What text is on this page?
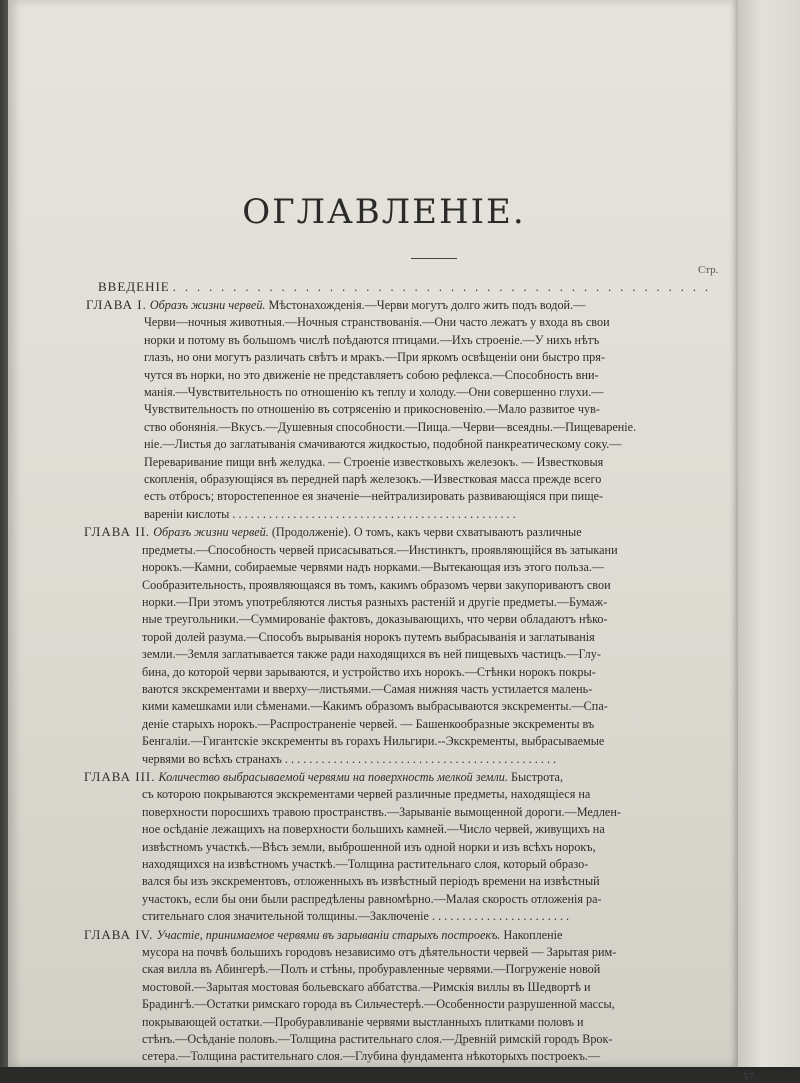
ОГЛАВЛЕНІЕ.
Стр.
ВВЕДЕНІЕ . . . . . . . . . . . . . . . . . . . . . . . . . . . . . . . . . . . . . . . . . . . . .
ГЛАВА I. Образъ жизни червей. Мѣстонахожденія.—Черви могутъ долго жить подъ водой.—
Черви—ночныя животныя.—Ночныя странствованія.—Они часто лежатъ у входа въ свои
норки и потому въ большомъ числѣ поѣдаются птицами.—Ихъ строеніе.—У нихъ нѣтъ
глазъ, но они могутъ различать свѣтъ и мракъ.—При яркомъ освѣщеніи они быстро пря-
чутся въ норки, но это движеніе не представляетъ собою рефлекса.—Способность вни-
манія.—Чувствительность по отношенію къ теплу и холоду.—Они совершенно глухи.—
Чувствительность по отношенію въ сотрясенію и прикосновенію.—Мало развитое чув-
ство обонянія.—Вкусъ.—Душевныя способности.—Пища.—Черви—всеядны.—Пищевареніе.
нie.—Листья до заглатыванія смачиваются жидкостью, подобной панкреатическому соку.—
Переваривание пищи внѣ желудка. — Строеніе известковыхъ железокъ. — Известковыя
скопленія, образующіяся въ передней парѣ железокъ.—Известковая масса прежде всего
есть отбросъ; второстепенное ея значеніе—нейтрализировать развивающіяся при пище-
вареніи кислоты . . . . . . . . . . . . . . . . . . . . . . . . . . . . . . . . . . . . . . . . . . . . . . .
ГЛАВА II. Образъ жизни червей. (Продолженіе). О томъ, какъ черви схватываютъ различные
предметы.—Способность червей присасываться.—Инстинктъ, проявляющійся въ затыкани
норокъ.—Камни, собираемые червями надъ норками.—Вытекающая изъ этого польза.—
Сообразительность, проявляющаяся въ томъ, какимъ образомъ черви закупориваютъ свои
норки.—При этомъ употребляются листья разныхъ растеній и другіе предметы.—Бумаж-
ные треугольники.—Суммированіе фактовъ, доказывающихъ, что черви обладаютъ нѣко-
торой долей разума.—Способъ вырыванія норокъ путемъ выбрасыванія и заглатыванія
земли.—Земля заглатывается также ради находящихся въ ней пищевыхъ частицъ.—Глу-
бина, до которой черви зарываются, и устройство ихъ норокъ.—Стѣнки норокъ покры-
ваются экскрементами и вверху—листьями.—Самая нижняя часть устилается малень-
кими камешками или сѣменами.—Какимъ образомъ выбрасываются экскременты.—Спа-
деніе старыхъ норокъ.—Распространеніе червей. — Башенкообразные экскременты въ
Бенгаліи.—Гигантскіе экскременты въ горахъ Нильгири.--Экскременты, выбрасываемые
червями во всѣхъ странахъ . . . . . . . . . . . . . . . . . . . . . . . . . . . . . . . . . . . . . . . . . . . . .
ГЛАВА III. Количество выбрасываемой червями на поверхность мелкой земли. Быстрота,
съ которою покрываются экскрементами червей различные предметы, находящіеся на
поверхности поросшихъ травою пространствъ.—Зарываніе вымощенной дороги.—Медлен-
ное осѣданіе лежащихъ на поверхности большихъ камней.—Число червей, живущихъ на
извѣстномъ участкѣ.—Вѣсъ земли, выброшенной изъ одной норки и изъ всѣхъ норокъ,
находящихся на извѣстномъ участкѣ.—Толщина растительнаго слоя, который образо-
вался бы изъ экскрементовъ, отложенныхъ въ извѣстный періодъ времени на извѣстный
участокъ, если бы они были распредѣлены равномѣрно.—Малая скорость отложенія ра-
стительнаго слоя значительной толщины.—Заключеніе . . . . . . . . . . . . . . . . . . . . . . .
ГЛАВА IV. Участіе, принимаемое червями въ зарываніи старыхъ построекъ. Накопленіе
мусора на почвѣ большихъ городовъ независимо отъ дѣятельности червей — Зарытая рим-
ская вилла въ Абингерѣ.—Полъ и стѣны, пробуравленные червями.—Погруженіе новой
мостовой.—Зарытая мостовая больевскаго аббатства.—Римскія виллы въ Шедвортѣ и
Брадингѣ.—Остатки римскаго города въ Сильчестерѣ.—Особенности разрушенной массы,
покрывающей остатки.—Пробуравливаніе червями выстланныхъ плитками половъ и
стѣнъ.—Осѣданіе половъ.—Толщина растительнаго слоя.—Древній римскій городъ Врок-
сетера.—Толщина растительнаго слоя.—Глубина фундамента нѣкоторыхъ построекъ.—
Заключеніе . . . . . . . . . . . . . . . . . . . . . . . . . . . . . . . . . . . . . . . . . . . . . . . . . . . . .	57
